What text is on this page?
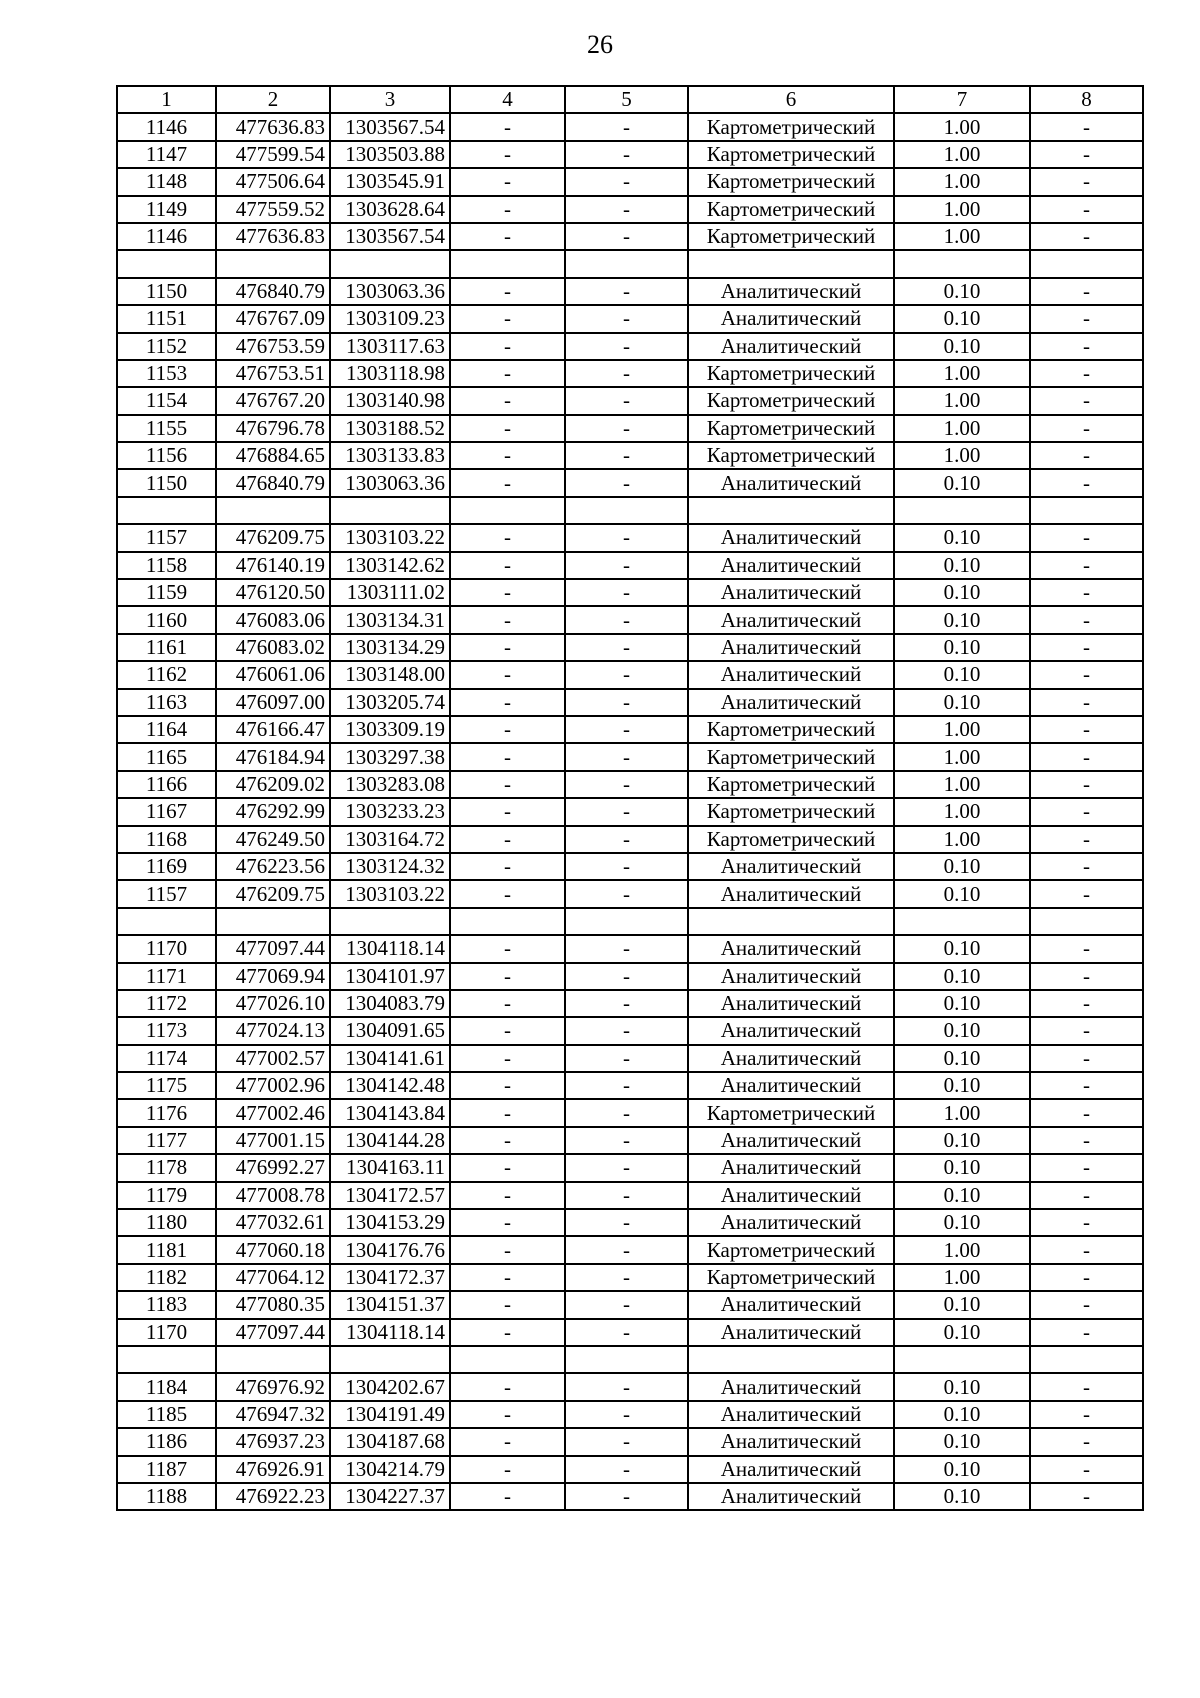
26
1	2	3	4	5	6	7	8
1146	477636.83	1303567.54	-	-	Картометрический	1.00	-
1147	477599.54	1303503.88	-	-	Картометрический	1.00	-
1148	477506.64	1303545.91	-	-	Картометрический	1.00	-
1149	477559.52	1303628.64	-	-	Картометрический	1.00	-
1146	477636.83	1303567.54	-	-	Картометрический	1.00	-

1150	476840.79	1303063.36	-	-	Аналитический	0.10	-
1151	476767.09	1303109.23	-	-	Аналитический	0.10	-
1152	476753.59	1303117.63	-	-	Аналитический	0.10	-
1153	476753.51	1303118.98	-	-	Картометрический	1.00	-
1154	476767.20	1303140.98	-	-	Картометрический	1.00	-
1155	476796.78	1303188.52	-	-	Картометрический	1.00	-
1156	476884.65	1303133.83	-	-	Картометрический	1.00	-
1150	476840.79	1303063.36	-	-	Аналитический	0.10	-

1157	476209.75	1303103.22	-	-	Аналитический	0.10	-
1158	476140.19	1303142.62	-	-	Аналитический	0.10	-
1159	476120.50	1303111.02	-	-	Аналитический	0.10	-
1160	476083.06	1303134.31	-	-	Аналитический	0.10	-
1161	476083.02	1303134.29	-	-	Аналитический	0.10	-
1162	476061.06	1303148.00	-	-	Аналитический	0.10	-
1163	476097.00	1303205.74	-	-	Аналитический	0.10	-
1164	476166.47	1303309.19	-	-	Картометрический	1.00	-
1165	476184.94	1303297.38	-	-	Картометрический	1.00	-
1166	476209.02	1303283.08	-	-	Картометрический	1.00	-
1167	476292.99	1303233.23	-	-	Картометрический	1.00	-
1168	476249.50	1303164.72	-	-	Картометрический	1.00	-
1169	476223.56	1303124.32	-	-	Аналитический	0.10	-
1157	476209.75	1303103.22	-	-	Аналитический	0.10	-

1170	477097.44	1304118.14	-	-	Аналитический	0.10	-
1171	477069.94	1304101.97	-	-	Аналитический	0.10	-
1172	477026.10	1304083.79	-	-	Аналитический	0.10	-
1173	477024.13	1304091.65	-	-	Аналитический	0.10	-
1174	477002.57	1304141.61	-	-	Аналитический	0.10	-
1175	477002.96	1304142.48	-	-	Аналитический	0.10	-
1176	477002.46	1304143.84	-	-	Картометрический	1.00	-
1177	477001.15	1304144.28	-	-	Аналитический	0.10	-
1178	476992.27	1304163.11	-	-	Аналитический	0.10	-
1179	477008.78	1304172.57	-	-	Аналитический	0.10	-
1180	477032.61	1304153.29	-	-	Аналитический	0.10	-
1181	477060.18	1304176.76	-	-	Картометрический	1.00	-
1182	477064.12	1304172.37	-	-	Картометрический	1.00	-
1183	477080.35	1304151.37	-	-	Аналитический	0.10	-
1170	477097.44	1304118.14	-	-	Аналитический	0.10	-

1184	476976.92	1304202.67	-	-	Аналитический	0.10	-
1185	476947.32	1304191.49	-	-	Аналитический	0.10	-
1186	476937.23	1304187.68	-	-	Аналитический	0.10	-
1187	476926.91	1304214.79	-	-	Аналитический	0.10	-
1188	476922.23	1304227.37	-	-	Аналитический	0.10	-
